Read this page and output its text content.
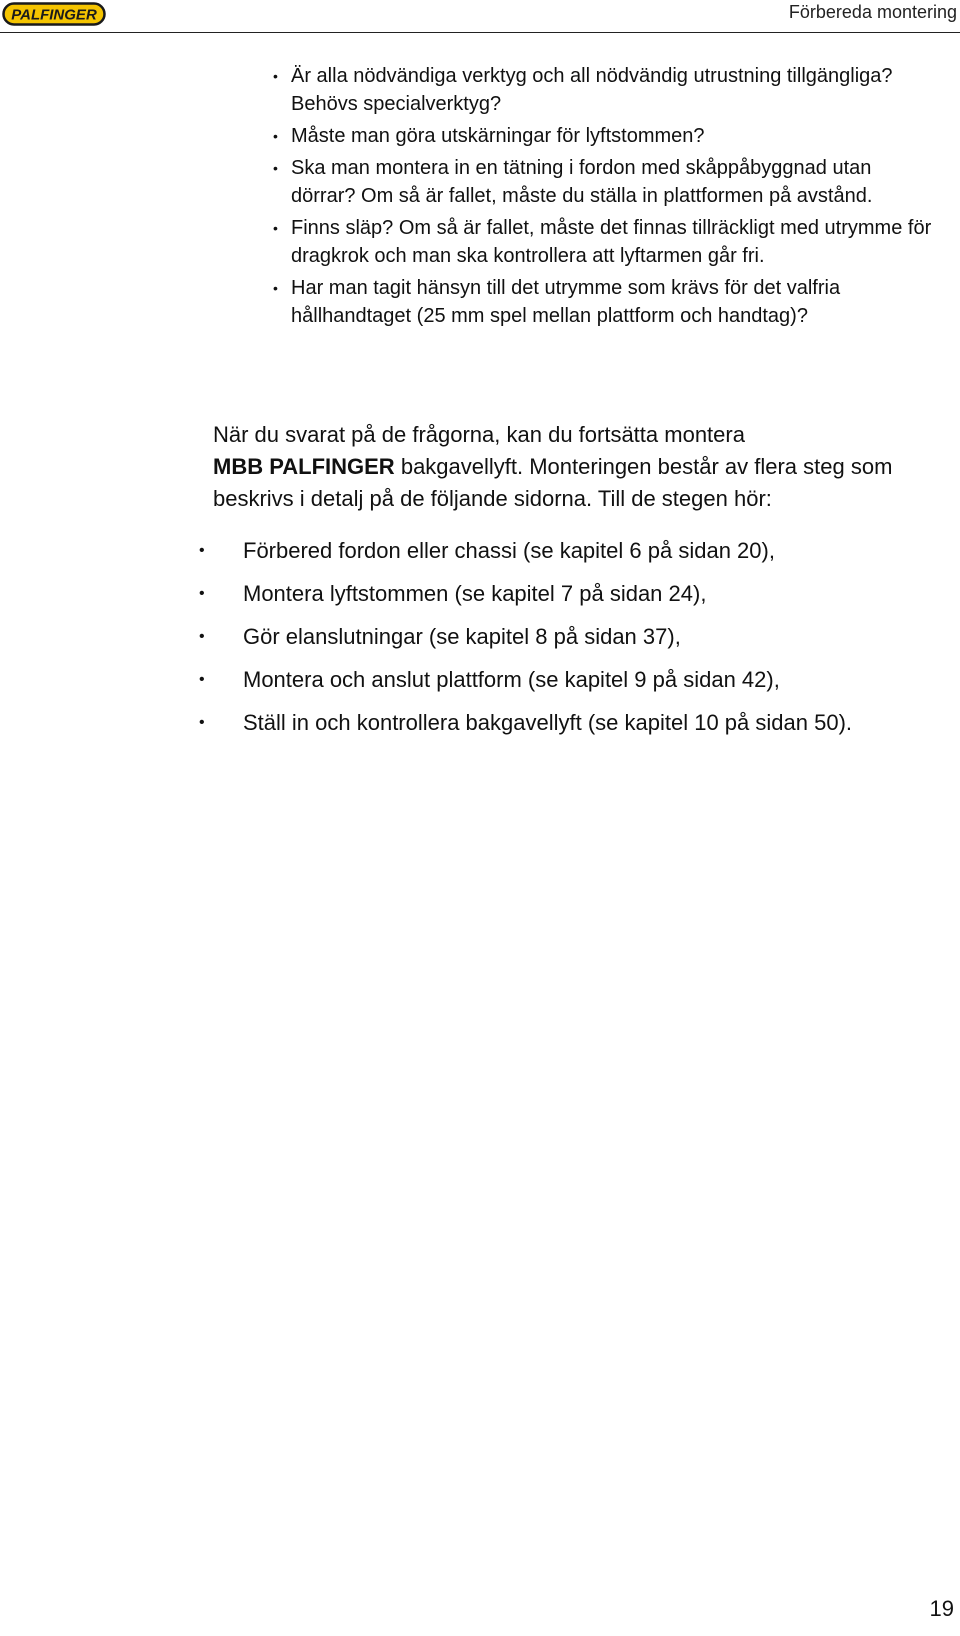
PALFINGER	Förbereda montering
• Är alla nödvändiga verktyg och all nödvändig utrustning tillgängliga? Behövs specialverktyg?
• Måste man göra utskärningar för lyftstommen?
• Ska man montera in en tätning i fordon med skåppåbyggnad utan dörrar? Om så är fallet, måste du ställa in plattformen på avstånd.
• Finns släp? Om så är fallet, måste det finnas tillräckligt med utrymme för dragkrok och man ska kontrollera att lyftarmen går fri.
• Har man tagit hänsyn till det utrymme som krävs för det valfria hållhandtaget (25 mm spel mellan plattform och handtag)?

När du svarat på de frågorna, kan du fortsätta montera
MBB PALFINGER bakgavellyft. Monteringen består av flera steg som beskrivs i detalj på de följande sidorna. Till de stegen hör:

• Förbered fordon eller chassi (se kapitel 6 på sidan 20),
• Montera lyftstommen (se kapitel 7 på sidan 24),
• Gör elanslutningar (se kapitel 8 på sidan 37),
• Montera och anslut plattform (se kapitel 9 på sidan 42),
• Ställ in och kontrollera bakgavellyft (se kapitel 10 på sidan 50).
19
